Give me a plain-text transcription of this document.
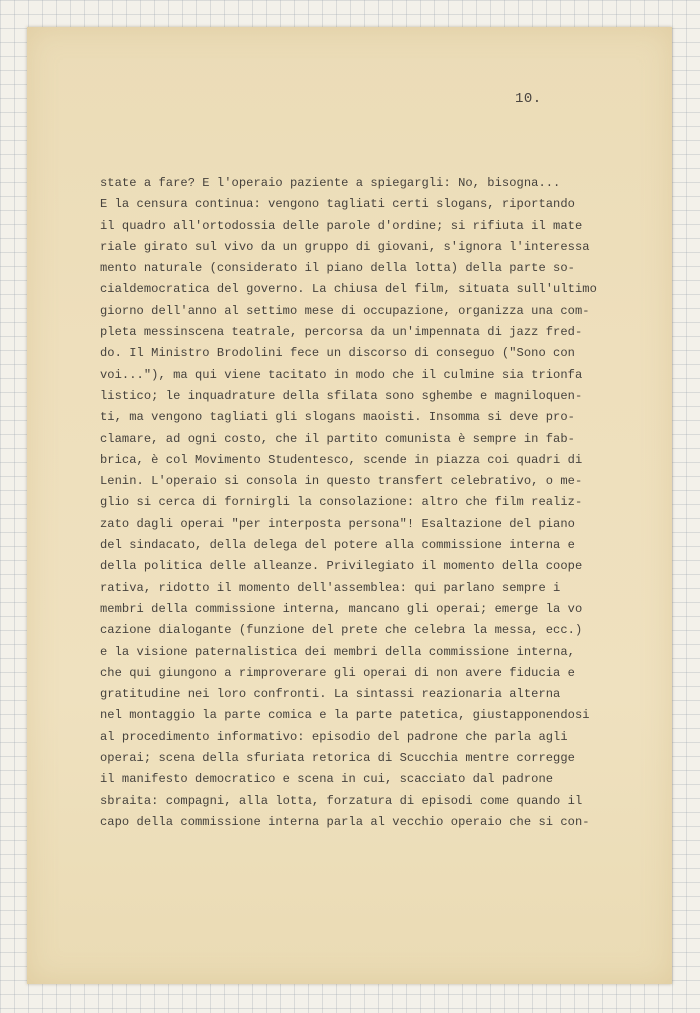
10.

state a fare? E l'operaio paziente a spiegargli: No, bisogna...
E la censura continua: vengono tagliati certi slogans, riportando
il quadro all'ortodossia delle parole d'ordine; si rifiuta il mate
riale girato sul vivo da un gruppo di giovani, s'ignora l'interessa
mento naturale (considerato il piano della lotta) della parte so-
cialdemocratica del governo. La chiusa del film, situata sull'ultimo
giorno dell'anno al settimo mese di occupazione, organizza una com-
pleta messinscena teatrale, percorsa da un'impennata di jazz fred-
do. Il Ministro Brodolini fece un discorso di conseguo ("Sono con
voi..."), ma qui viene tacitato in modo che il culmine sia trionfa
listico; le inquadrature della sfilata sono sghembe e magniloquen-
ti, ma vengono tagliati gli slogans maoisti. Insomma si deve pro-
clamare, ad ogni costo, che il partito comunista è sempre in fab-
brica, è col Movimento Studentesco, scende in piazza coi quadri di
Lenin. L'operaio si consola in questo transfert celebrativo, o me-
glio si cerca di fornirgli la consolazione: altro che film realiz-
zato dagli operai "per interposta persona"! Esaltazione del piano
del sindacato, della delega del potere alla commissione interna e
della politica delle alleanze. Privilegiato il momento della coope
rativa, ridotto il momento dell'assemblea: qui parlano sempre i
membri della commissione interna, mancano gli operai; emerge la vo
cazione dialogante (funzione del prete che celebra la messa, ecc.)
e la visione paternalistica dei membri della commissione interna,
che qui giungono a rimproverare gli operai di non avere fiducia e
gratitudine nei loro confronti. La sintassi reazionaria alterna
nel montaggio la parte comica e la parte patetica, giustapponendosi
al procedimento informativo: episodio del padrone che parla agli
operai; scena della sfuriata retorica di Scucchia mentre corregge
il manifesto democratico e scena in cui, scacciato dal padrone
sbraita: compagni, alla lotta, forzatura di episodi come quando il
capo della commissione interna parla al vecchio operaio che si con-
